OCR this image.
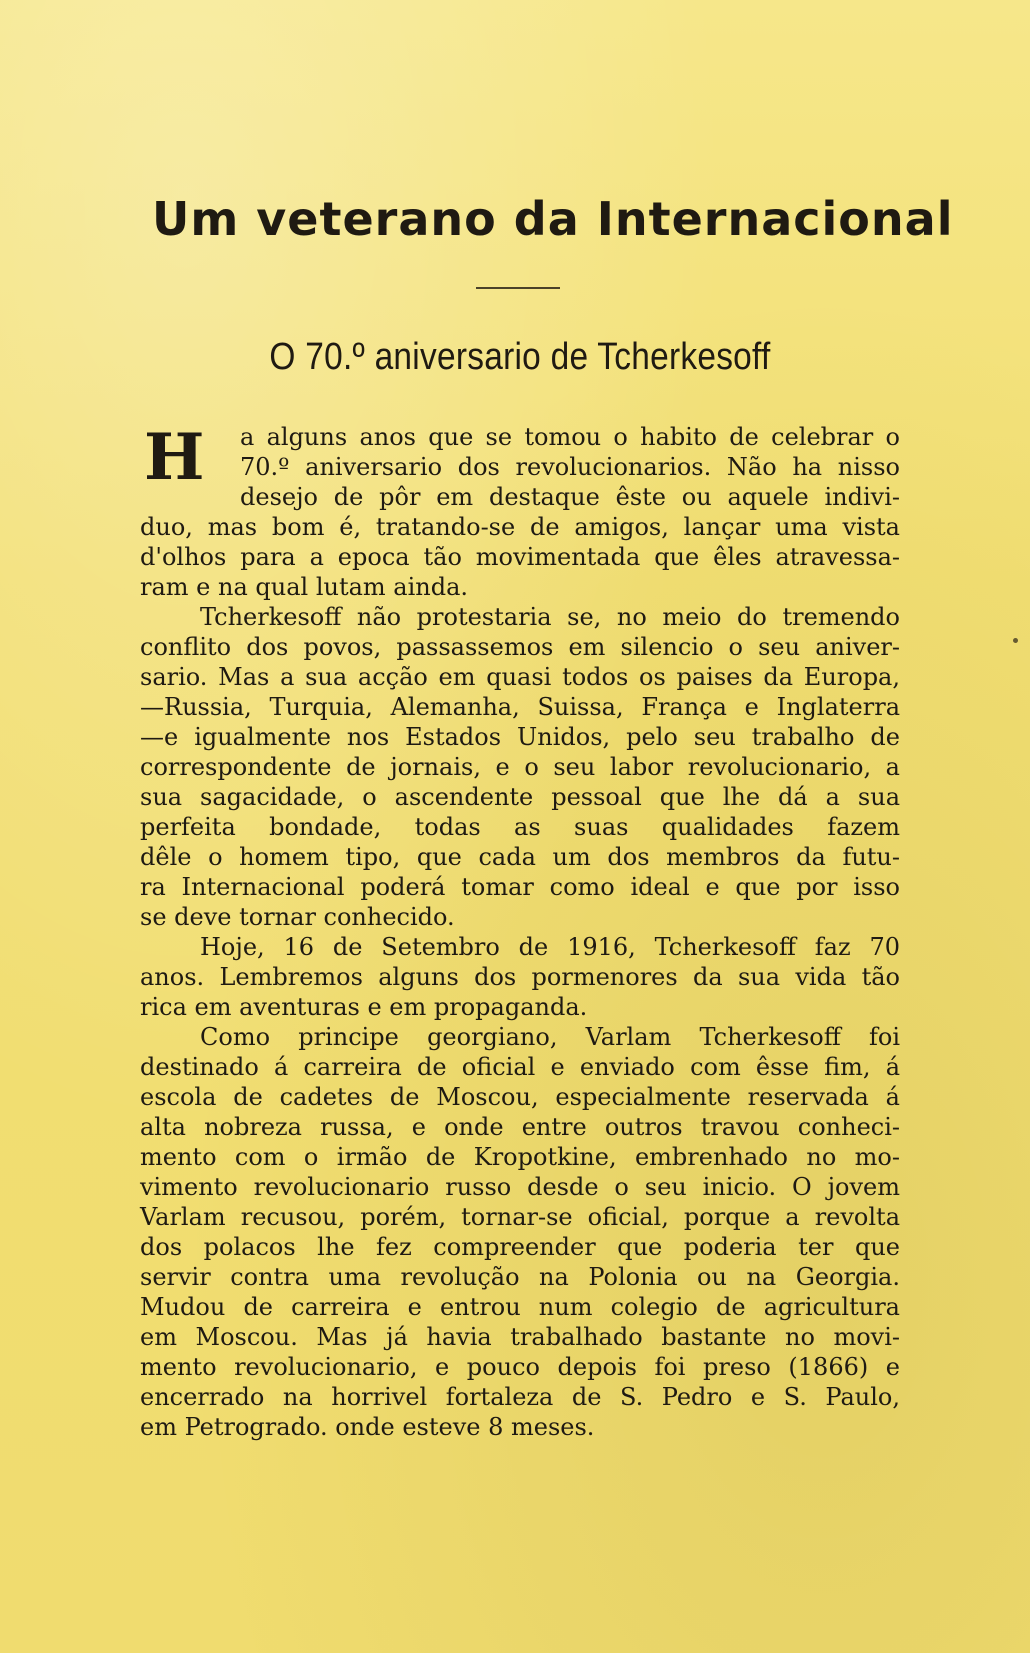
Um veterano da Internacional
O 70.º aniversario de Tcherkesoff
H a alguns anos que se tomou o habito de celebrar o
70.º aniversario dos revolucionarios. Não ha nisso
desejo de pôr em destaque êste ou aquele indivi-
duo, mas bom é, tratando-se de amigos, lançar uma vista
d'olhos para a epoca tão movimentada que êles atravessa-
ram e na qual lutam ainda.
Tcherkesoff não protestaria se, no meio do tremendo
conflito dos povos, passassemos em silencio o seu aniver-
sario. Mas a sua acção em quasi todos os paises da Europa,
—Russia, Turquia, Alemanha, Suissa, França e Inglaterra
—e igualmente nos Estados Unidos, pelo seu trabalho de
correspondente de jornais, e o seu labor revolucionario, a
sua sagacidade, o ascendente pessoal que lhe dá a sua
perfeita bondade, todas as suas qualidades fazem
dêle o homem tipo, que cada um dos membros da futu-
ra Internacional poderá tomar como ideal e que por isso
se deve tornar conhecido.
Hoje, 16 de Setembro de 1916, Tcherkesoff faz 70
anos. Lembremos alguns dos pormenores da sua vida tão
rica em aventuras e em propaganda.
Como principe georgiano, Varlam Tcherkesoff foi
destinado á carreira de oficial e enviado com êsse fim, á
escola de cadetes de Moscou, especialmente reservada á
alta nobreza russa, e onde entre outros travou conheci-
mento com o irmão de Kropotkine, embrenhado no mo-
vimento revolucionario russo desde o seu inicio. O jovem
Varlam recusou, porém, tornar-se oficial, porque a revolta
dos polacos lhe fez compreender que poderia ter que
servir contra uma revolução na Polonia ou na Georgia.
Mudou de carreira e entrou num colegio de agricultura
em Moscou. Mas já havia trabalhado bastante no movi-
mento revolucionario, e pouco depois foi preso (1866) e
encerrado na horrivel fortaleza de S. Pedro e S. Paulo,
em Petrogrado. onde esteve 8 meses.
